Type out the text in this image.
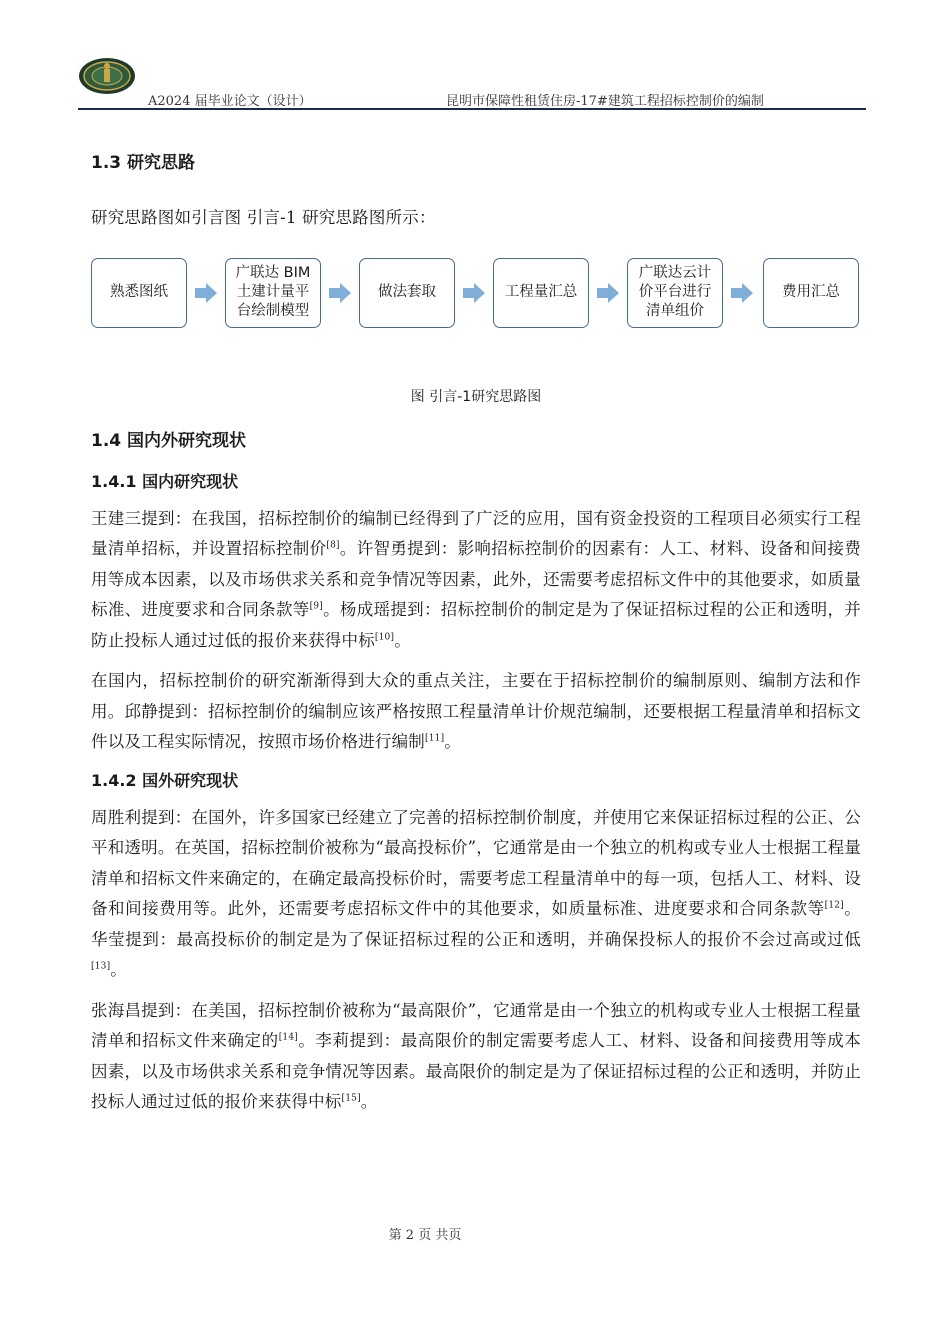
A2024 届毕业论文（设计）	昆明市保障性租赁住房-17#建筑工程招标控制价的编制
1.3 研究思路

研究思路图如引言图 引言-1 研究思路图所示：

熟悉图纸
广联达 BIM 土建计量平台绘制模型
做法套取	工程量汇总
广联达云计价平台进行清单组价
费用汇总
图 引言-1研究思路图
1.4 国内外研究现状
1.4.1 国内研究现状

王建三提到：在我国，招标控制价的编制已经得到了广泛的应用，国有资金投资的工程项目必须实行工程量清单招标，并设置招标控制价[8]。许智勇提到：影响招标控制价的因素有：人工、材料、设备和间接费用等成本因素，以及市场供求关系和竞争情况等因素，此外，还需要考虑招标文件中的其他要求，如质量标准、进度要求和合同条款等[9]。杨成瑶提到：招标控制价的制定是为了保证招标过程的公正和透明，并防止投标人通过过低的报价来获得中标[10]。

在国内，招标控制价的研究渐渐得到大众的重点关注，主要在于招标控制价的编制原则、编制方法和作用。邱静提到：招标控制价的编制应该严格按照工程量清单计价规范编制，还要根据工程量清单和招标文件以及工程实际情况，按照市场价格进行编制[11]。

1.4.2 国外研究现状

周胜利提到：在国外，许多国家已经建立了完善的招标控制价制度，并使用它来保证招标过程的公正、公平和透明。在英国，招标控制价被称为“最高投标价”，它通常是由一个独立的机构或专业人士根据工程量清单和招标文件来确定的，在确定最高投标价时，需要考虑工程量清单中的每一项，包括人工、材料、设备和间接费用等。此外，还需要考虑招标文件中的其他要求，如质量标准、进度要求和合同条款等[12]。华莹提到：最高投标价的制定是为了保证招标过程的公正和透明，并确保投标人的报价不会过高或过低[13]。

张海昌提到：在美国，招标控制价被称为“最高限价”，它通常是由一个独立的机构或专业人士根据工程量清单和招标文件来确定的[14]。李莉提到：最高限价的制定需要考虑人工、材料、设备和间接费用等成本因素，以及市场供求关系和竞争情况等因素。最高限价的制定是为了保证招标过程的公正和透明，并防止投标人通过过低的报价来获得中标[15]。

第 2 页 共页
